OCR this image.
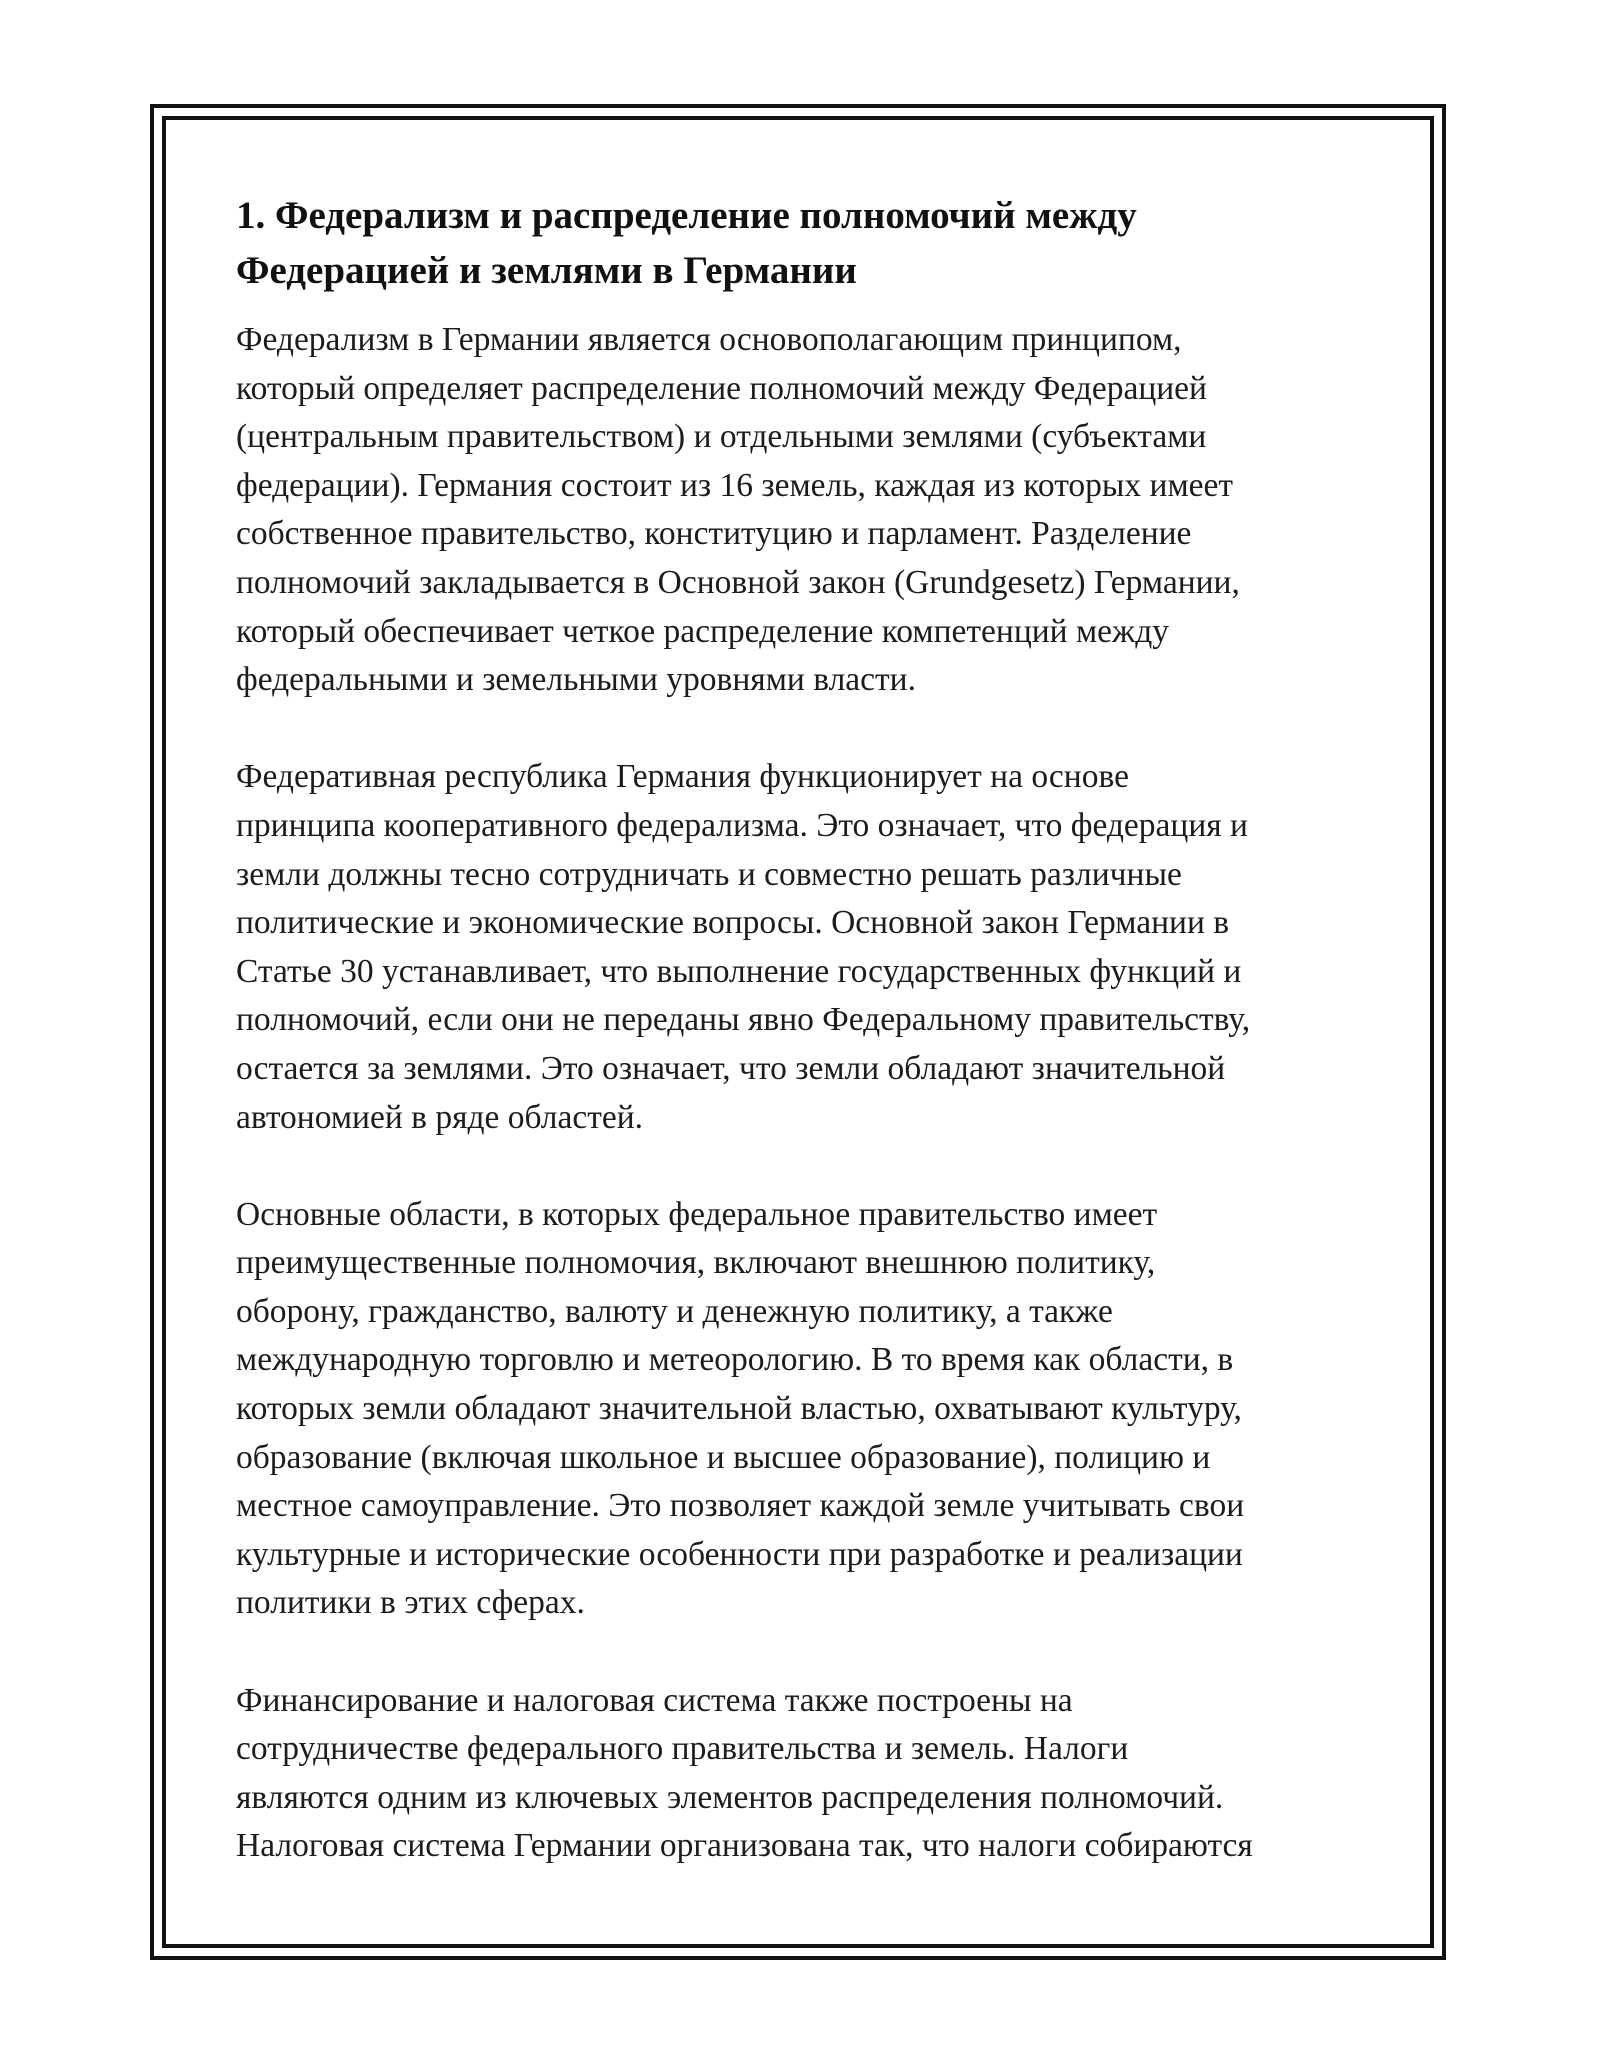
1. Федерализм и распределение полномочий между
Федерацией и землями в Германии

Федерализм в Германии является основополагающим принципом,
который определяет распределение полномочий между Федерацией
(центральным правительством) и отдельными землями (субъектами
федерации). Германия состоит из 16 земель, каждая из которых имеет
собственное правительство, конституцию и парламент. Разделение
полномочий закладывается в Основной закон (Grundgesetz) Германии,
который обеспечивает четкое распределение компетенций между
федеральными и земельными уровнями власти.

Федеративная республика Германия функционирует на основе
принципа кооперативного федерализма. Это означает, что федерация и
земли должны тесно сотрудничать и совместно решать различные
политические и экономические вопросы. Основной закон Германии в
Статье 30 устанавливает, что выполнение государственных функций и
полномочий, если они не переданы явно Федеральному правительству,
остается за землями. Это означает, что земли обладают значительной
автономией в ряде областей.

Основные области, в которых федеральное правительство имеет
преимущественные полномочия, включают внешнюю политику,
оборону, гражданство, валюту и денежную политику, а также
международную торговлю и метеорологию. В то время как области, в
которых земли обладают значительной властью, охватывают культуру,
образование (включая школьное и высшее образование), полицию и
местное самоуправление. Это позволяет каждой земле учитывать свои
культурные и исторические особенности при разработке и реализации
политики в этих сферах.

Финансирование и налоговая система также построены на
сотрудничестве федерального правительства и земель. Налоги
являются одним из ключевых элементов распределения полномочий.
Налоговая система Германии организована так, что налоги собираются
